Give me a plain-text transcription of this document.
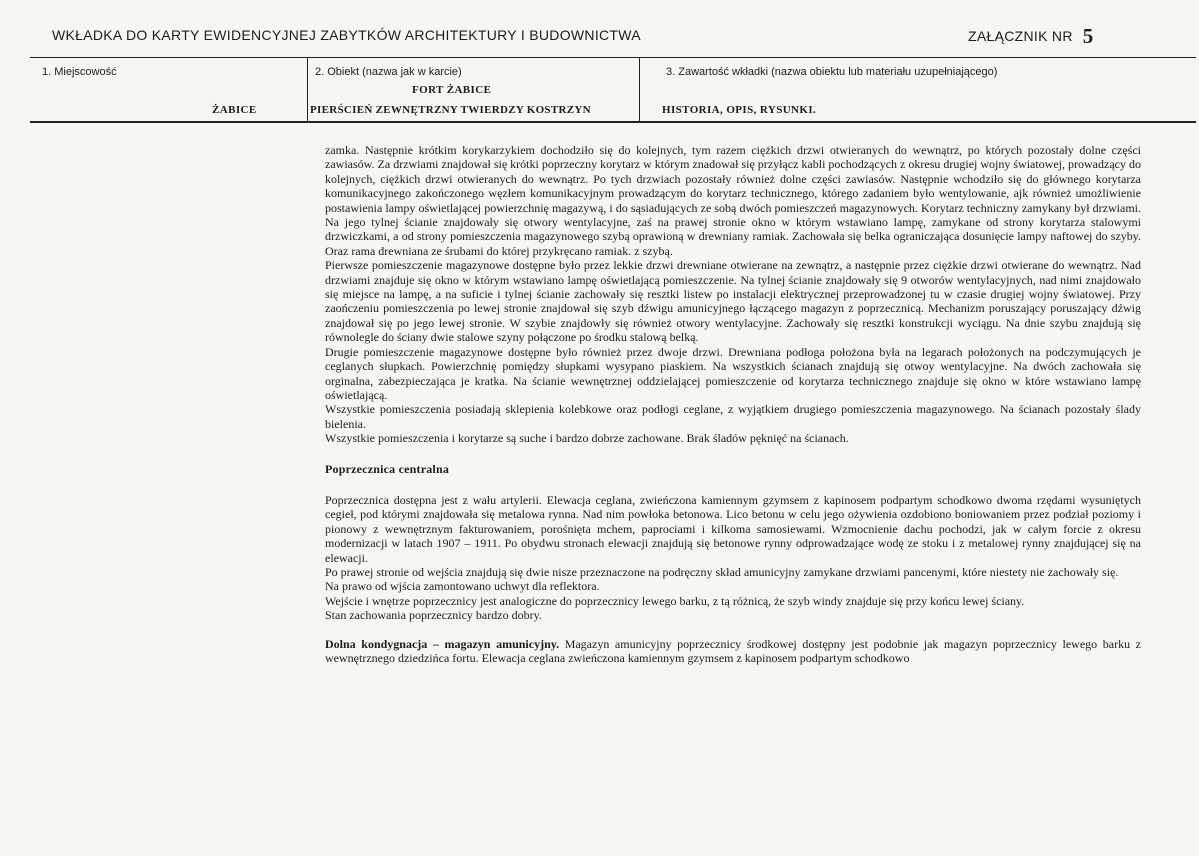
WKŁADKA DO KARTY EWIDENCYJNEJ ZABYTKÓW ARCHITEKTURY I BUDOWNICTWA	ZAŁĄCZNIK NR 5
1. Miejscowość
ŻABICE
2. Obiekt (nazwa jak w karcie)
FORT ŻABICE
PIERŚCIEŃ ZEWNĘTRZNY TWIERDZY KOSTRZYN
3. Zawartość wkładki (nazwa obiektu lub materiału uzupełniającego)
HISTORIA, OPIS, RYSUNKI.

zamka. Następnie krótkim korykarzykiem dochodziło się do kolejnych, tym razem ciężkich drzwi otwieranych do wewnątrz, po których pozostały dolne części zawiasów. Za drzwiami znajdował się krótki poprzeczny korytarz w którym znadował się przyłącz kabli pochodzących z okresu drugiej wojny światowej, prowadzący do kolejnych, ciężkich drzwi otwieranych do wewnątrz. Po tych drzwiach pozostały również dolne części zawiasów. Następnie wchodziło się do głównego korytarza komunikacyjnego zakończonego węzłem komunikacyjnym prowadzącym do korytarz technicznego, którego zadaniem było wentylowanie, ajk również umożliwienie postawienia lampy oświetlającej powierzchnię magazywą, i do sąsiadujących ze sobą dwóch pomieszczeń magazynowych. Korytarz techniczny zamykany był drzwiami. Na jego tylnej ścianie znajdowały się otwory wentylacyjne, zaś na prawej stronie okno w którym wstawiano lampę, zamykane od strony korytarza stalowymi drzwiczkami, a od strony pomieszczenia magazynowego szybą oprawioną w drewniany ramiak. Zachowała się belka ograniczająca dosunięcie lampy naftowej do szyby. Oraz rama drewniana ze śrubami do której przykręcano ramiak. z szybą.

Pierwsze pomieszczenie magazynowe dostępne było przez lekkie drzwi drewniane otwierane na zewnątrz, a następnie przez ciężkie drzwi otwierane do wewnątrz. Nad drzwiami znajduje się okno w którym wstawiano lampę oświetlającą pomieszczenie. Na tylnej ścianie znajdowały się 9 otworów wentylacyjnych, nad nimi znajdowało się miejsce na lampę, a na suficie i tylnej ścianie zachowały się resztki listew po instalacji elektrycznej przeprowadzonej tu w czasie drugiej wojny światowej. Przy zaończeniu pomieszczenia po lewej stronie znajdował się szyb dźwigu amunicyjnego łączącego magazyn z poprzecznicą. Mechanizm poruszający poruszający dźwig znajdował się po jego lewej stronie. W szybie znajdowły się również otwory wentylacyjne. Zachowały się resztki konstrukcji wyciągu. Na dnie szybu znajdują się równolegle do ściany dwie stalowe szyny połączone po środku stalową belką.

Drugie pomieszczenie magazynowe dostępne było również przez dwoje drzwi. Drewniana podłoga położona była na legarach położonych na podczymujących je ceglanych słupkach. Powierzchnię pomiędzy słupkami wysypano piaskiem. Na wszystkich ścianach znajdują się otwoy wentylacyjne. Na dwóch zachowała się orginalna, zabezpieczająca je kratka. Na ścianie wewnętrznej oddzielającej pomieszczenie od korytarza technicznego znajduje się okno w które wstawiano lampę oświetlającą.

Wszystkie pomieszczenia posiadają sklepienia kolebkowe oraz podłogi ceglane, z wyjątkiem drugiego pomieszczenia magazynowego. Na ścianach pozostały ślady bielenia.

Wszystkie pomieszczenia i korytarze są suche i bardzo dobrze zachowane. Brak śladów pęknięć na ścianach.

Poprzecznica centralna

Poprzecznica dostępna jest z wału artylerii. Elewacja ceglana, zwieńczona kamiennym gzymsem z kapinosem podpartym schodkowo dwoma rzędami wysuniętych cegieł, pod którymi znajdowała się metalowa rynna. Nad nim powłoka betonowa. Lico betonu w celu jego ożywienia ozdobiono boniowaniem przez podział poziomy i pionowy z wewnętrznym fakturowaniem, porośnięta mchem, paprociami i kilkoma samosiewami. Wzmocnienie dachu pochodzi, jak w całym forcie z okresu modernizacji w latach 1907 – 1911. Po obydwu stronach elewacji znajdują się betonowe rynny odprowadzające wodę ze stoku i z metalowej rynny znajdującej się na elewacji.

Po prawej stronie od wejścia znajdują się dwie nisze przeznaczone na podręczny skład amunicyjny zamykane drzwiami pancenymi, które niestety nie zachowały się.

Na prawo od wjścia zamontowano uchwyt dla reflektora.

Wejście i wnętrze poprzecznicy jest analogiczne do poprzecznicy lewego barku, z tą różnicą, że szyb windy znajduje się przy końcu lewej ściany.

Stan zachowania poprzecznicy bardzo dobry.

Dolna kondygnacja – magazyn amunicyjny. Magazyn amunicyjny poprzecznicy środkowej dostępny jest podobnie jak magazyn poprzecznicy lewego barku z wewnętrznego dziedzińca fortu. Elewacja ceglana zwieńczona kamiennym gzymsem z kapinosem podpartym schodkowo
